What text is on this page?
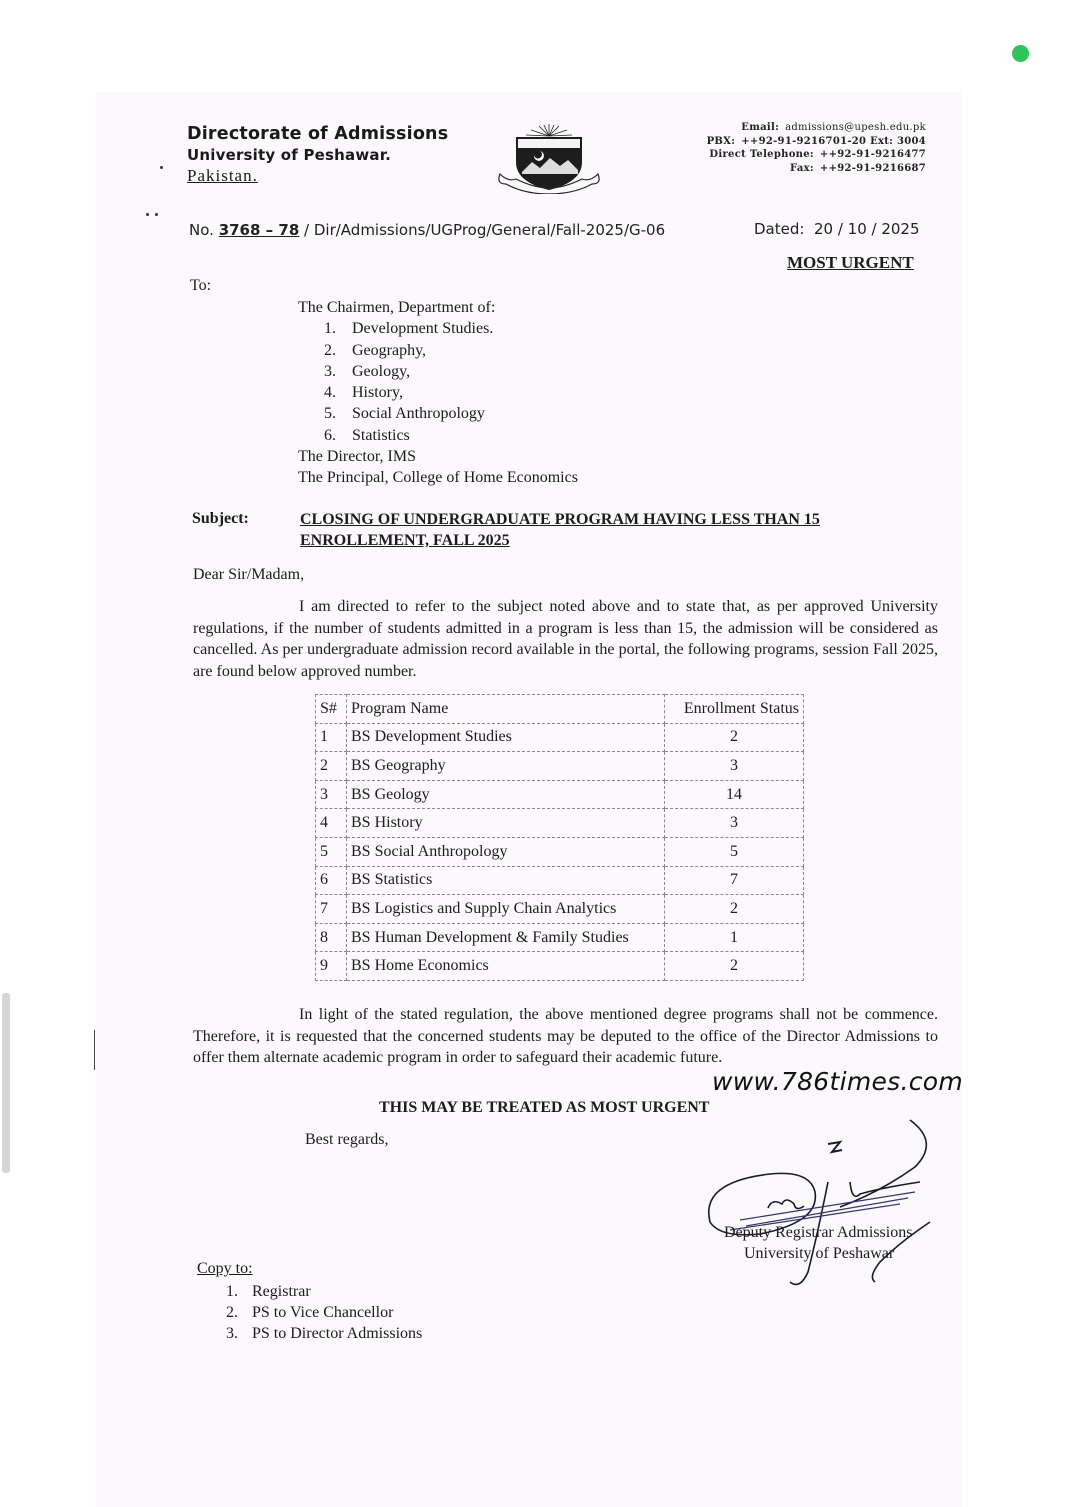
Directorate of Admissions
University of Peshawar.
Pakistan.
Email: admissions@upesh.edu.pk
PBX: ++92-91-9216701-20 Ext: 3004
Direct Telephone: ++92-91-9216477
Fax: ++92-91-9216687
No. 3768 – 78 / Dir/Admissions/UGProg/General/Fall-2025/G-06	Dated: 20 / 10 / 2025
MOST URGENT
To:
The Chairmen, Department of:
1. Development Studies.
2. Geography,
3. Geology,
4. History,
5. Social Anthropology
6. Statistics
The Director, IMS
The Principal, College of Home Economics
Subject:	CLOSING OF UNDERGRADUATE PROGRAM HAVING LESS THAN 15 ENROLLEMENT, FALL 2025
Dear Sir/Madam,
I am directed to refer to the subject noted above and to state that, as per approved University regulations, if the number of students admitted in a program is less than 15, the admission will be considered as cancelled. As per undergraduate admission record available in the portal, the following programs, session Fall 2025, are found below approved number.
S#	Program Name	Enrollment Status
1	BS Development Studies	2
2	BS Geography	3
3	BS Geology	14
4	BS History	3
5	BS Social Anthropology	5
6	BS Statistics	7
7	BS Logistics and Supply Chain Analytics	2
8	BS Human Development & Family Studies	1
9	BS Home Economics	2
In light of the stated regulation, the above mentioned degree programs shall not be commence. Therefore, it is requested that the concerned students may be deputed to the office of the Director Admissions to offer them alternate academic program in order to safeguard their academic future.
www.786times.com
THIS MAY BE TREATED AS MOST URGENT
Best regards,
Deputy Registrar Admissions
University of Peshawar
Copy to:
1. Registrar
2. PS to Vice Chancellor
3. PS to Director Admissions
